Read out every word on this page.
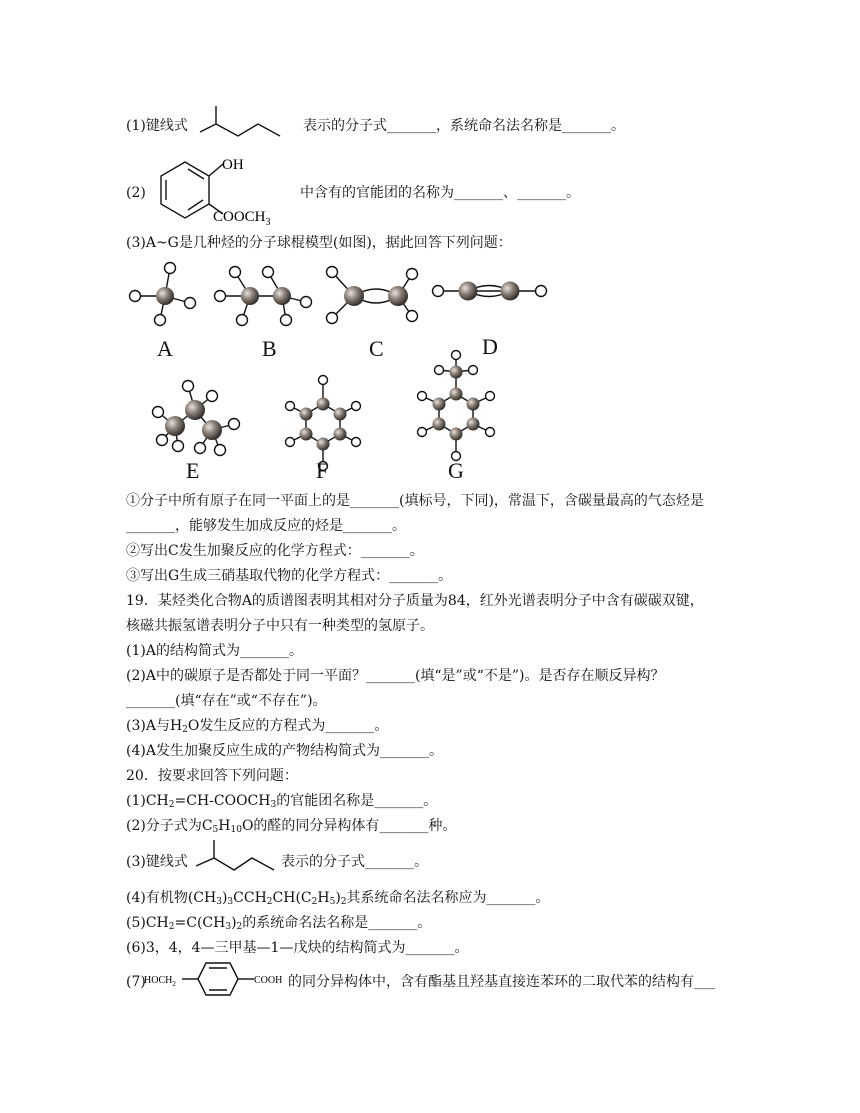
(1)键线式	表示的分子式_______，系统命名法名称是_______。
(2)
OH
$COOCH_3$
中含有的官能团的名称为_______、_______。
(3)A~G是几种烃的分子球棍模型(如图)，据此回答下列问题：
A	B	C	D
E	F	G
①分子中所有原子在同一平面上的是_______(填标号，下同)，常温下，含碳量最高的气态烃是
_______，能够发生加成反应的烃是_______。
②写出C发生加聚反应的化学方程式：_______。
③写出G生成三硝基取代物的化学方程式：_______。
19．某烃类化合物A的质谱图表明其相对分子质量为84，红外光谱表明分子中含有碳碳双键，
核磁共振氢谱表明分子中只有一种类型的氢原子。
(1)A的结构简式为_______。
(2)A中的碳原子是否都处于同一平面？_______(填“是”或“不是”)。是否存在顺反异构？
_______(填“存在”或“不存在”)。
(3)A与$H_2O$发生反应的方程式为_______。
(4)A发生加聚反应生成的产物结构简式为_______。
20．按要求回答下列问题：
$(1)CH_2=CH-COOCH_3$的官能团名称是_______。
(2)分子式为$C_5H_{10}O$的醛的同分异构体有_______种。
(3)键线式	表示的分子式_______。
(4)有机物$(CH_3)_3CCH_2CH(C_2H_5)_2$其系统命名法名称应为_______。
$(5)CH_2=C(CH_3)_2$的系统命名法名称是_______。
(6)3，4，4—三甲基—1—戊炔的结构简式为_______。
(7)
$HOCH_2$	COOH 的同分异构体中，含有酯基且羟基直接连苯环的二取代苯的结构有___
